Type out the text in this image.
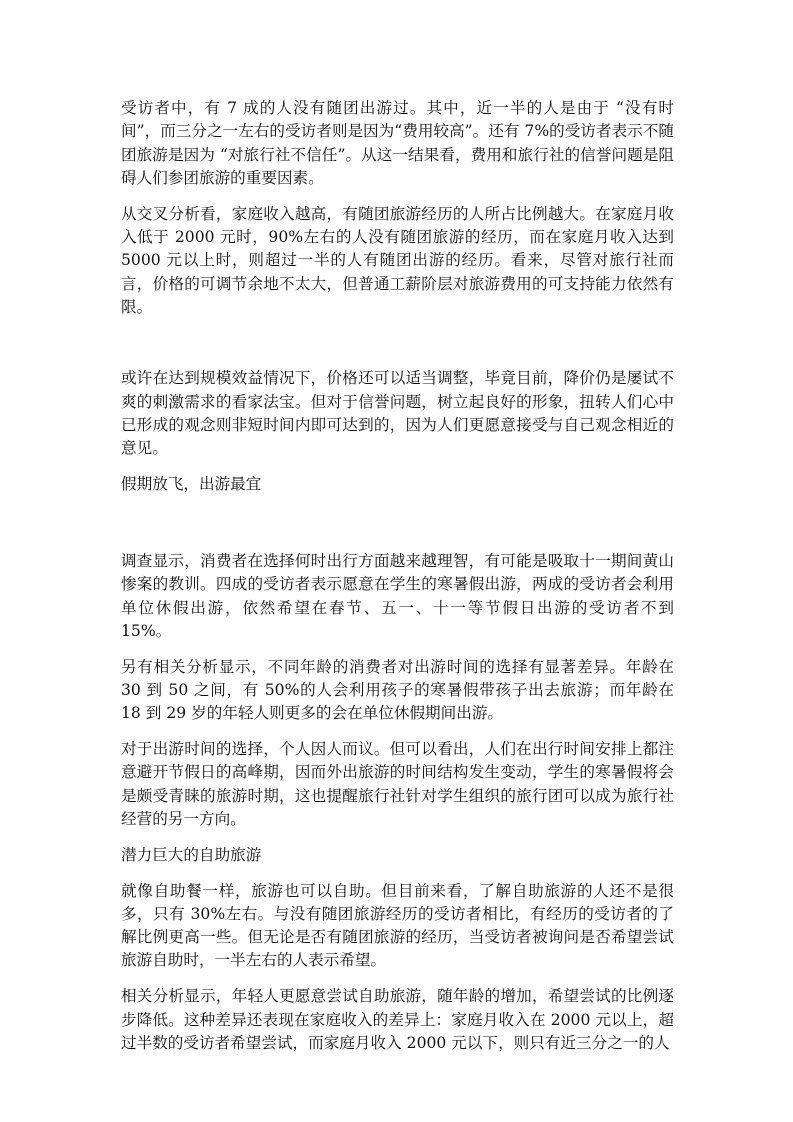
受访者中，有 7 成的人没有随团出游过。其中，近一半的人是由于 “没有时间”，而三分之一左右的受访者则是因为“费用较高”。还有 7%的受访者表示不随团旅游是因为 “对旅行社不信任”。从这一结果看，费用和旅行社的信誉问题是阻碍人们参团旅游的重要因素。

从交叉分析看，家庭收入越高，有随团旅游经历的人所占比例越大。在家庭月收入低于 2000 元时，90%左右的人没有随团旅游的经历，而在家庭月收入达到 5000 元以上时，则超过一半的人有随团出游的经历。看来，尽管对旅行社而言，价格的可调节余地不太大，但普通工薪阶层对旅游费用的可支持能力依然有限。

或许在达到规模效益情况下，价格还可以适当调整，毕竟目前，降价仍是屡试不爽的刺激需求的看家法宝。但对于信誉问题，树立起良好的形象，扭转人们心中已形成的观念则非短时间内即可达到的，因为人们更愿意接受与自己观念相近的意见。

假期放飞，出游最宜

调查显示，消费者在选择何时出行方面越来越理智，有可能是吸取十一期间黄山惨案的教训。四成的受访者表示愿意在学生的寒暑假出游，两成的受访者会利用单位休假出游，依然希望在春节、五一、十一等节假日出游的受访者不到 15%。

另有相关分析显示，不同年龄的消费者对出游时间的选择有显著差异。年龄在 30 到 50 之间，有 50%的人会利用孩子的寒暑假带孩子出去旅游；而年龄在 18 到 29 岁的年轻人则更多的会在单位休假期间出游。

对于出游时间的选择，个人因人而议。但可以看出，人们在出行时间安排上都注意避开节假日的高峰期，因而外出旅游的时间结构发生变动，学生的寒暑假将会是颇受青睐的旅游时期，这也提醒旅行社针对学生组织的旅行团可以成为旅行社经营的另一方向。

潜力巨大的自助旅游

就像自助餐一样，旅游也可以自助。但目前来看，了解自助旅游的人还不是很多，只有 30%左右。与没有随团旅游经历的受访者相比，有经历的受访者的了解比例更高一些。但无论是否有随团旅游的经历，当受访者被询问是否希望尝试旅游自助时，一半左右的人表示希望。

相关分析显示，年轻人更愿意尝试自助旅游，随年龄的增加，希望尝试的比例逐步降低。这种差异还表现在家庭收入的差异上：家庭月收入在 2000 元以上，超过半数的受访者希望尝试，而家庭月收入 2000 元以下，则只有近三分之一的人
